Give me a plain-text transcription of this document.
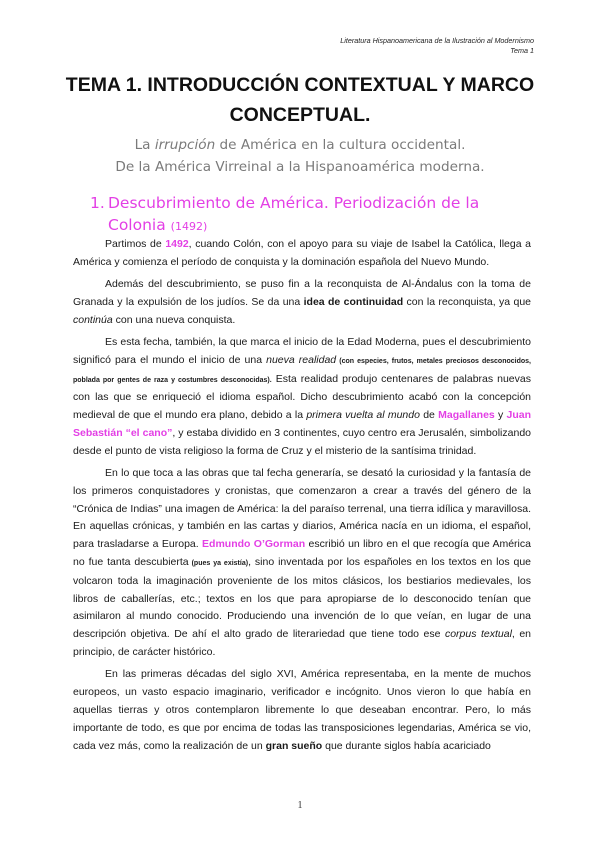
Literatura Hispanoamericana de la Ilustración al Modernismo
Tema 1
TEMA 1. INTRODUCCIÓN CONTEXTUAL Y MARCO
CONCEPTUAL.
La irrupción de América en la cultura occidental.
De la América Virreinal a la Hispanoamérica moderna.
1. Descubrimiento de América. Periodización de la Colonia (1492)

Partimos de 1492, cuando Colón, con el apoyo para su viaje de Isabel la Católica, llega a América y comienza el período de conquista y la dominación española del Nuevo Mundo.

Además del descubrimiento, se puso fin a la reconquista de Al-Ándalus con la toma de Granada y la expulsión de los judíos. Se da una idea de continuidad con la reconquista, ya que continúa con una nueva conquista.

Es esta fecha, también, la que marca el inicio de la Edad Moderna, pues el descubrimiento significó para el mundo el inicio de una nueva realidad (con especies, frutos, metales preciosos desconocidos, poblada por gentes de raza y costumbres desconocidas). Esta realidad produjo centenares de palabras nuevas con las que se enriqueció el idioma español. Dicho descubrimiento acabó con la concepción medieval de que el mundo era plano, debido a la primera vuelta al mundo de Magallanes y Juan Sebastián “el cano”, y estaba dividido en 3 continentes, cuyo centro era Jerusalén, simbolizando desde el punto de vista religioso la forma de Cruz y el misterio de la santísima trinidad.

En lo que toca a las obras que tal fecha generaría, se desató la curiosidad y la fantasía de los primeros conquistadores y cronistas, que comenzaron a crear a través del género de la “Crónica de Indias” una imagen de América: la del paraíso terrenal, una tierra idílica y maravillosa. En aquellas crónicas, y también en las cartas y diarios, América nacía en un idioma, el español, para trasladarse a Europa. Edmundo O’Gorman escribió un libro en el que recogía que América no fue tanta descubierta (pues ya existía), sino inventada por los españoles en los textos en los que volcaron toda la imaginación proveniente de los mitos clásicos, los bestiarios medievales, los libros de caballerías, etc.; textos en los que para apropiarse de lo desconocido tenían que asimilaron al mundo conocido. Produciendo una invención de lo que veían, en lugar de una descripción objetiva. De ahí el alto grado de literariedad que tiene todo ese corpus textual, en principio, de carácter histórico.

En las primeras décadas del siglo XVI, América representaba, en la mente de muchos europeos, un vasto espacio imaginario, verificador e incógnito. Unos vieron lo que había en aquellas tierras y otros contemplaron libremente lo que deseaban encontrar. Pero, lo más importante de todo, es que por encima de todas las transposiciones legendarias, América se vio, cada vez más, como la realización de un gran sueño que durante siglos había acariciado

1
